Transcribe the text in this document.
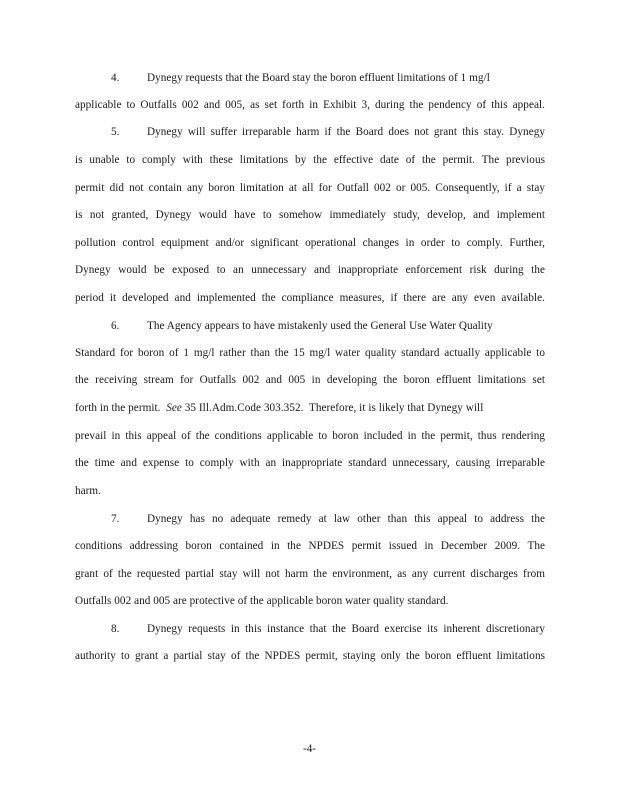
4. Dynegy requests that the Board stay the boron effluent limitations of 1 mg/l
applicable to Outfalls 002 and 005, as set forth in Exhibit 3, during the pendency of this appeal.
5. Dynegy will suffer irreparable harm if the Board does not grant this stay. Dynegy
is unable to comply with these limitations by the effective date of the permit. The previous
permit did not contain any boron limitation at all for Outfall 002 or 005. Consequently, if a stay
is not granted, Dynegy would have to somehow immediately study, develop, and implement
pollution control equipment and/or significant operational changes in order to comply. Further,
Dynegy would be exposed to an unnecessary and inappropriate enforcement risk during the
period it developed and implemented the compliance measures, if there are any even available.
6. The Agency appears to have mistakenly used the General Use Water Quality
Standard for boron of 1 mg/l rather than the 15 mg/l water quality standard actually applicable to
the receiving stream for Outfalls 002 and 005 in developing the boron effluent limitations set
forth in the permit. See 35 Ill.Adm.Code 303.352. Therefore, it is likely that Dynegy will
prevail in this appeal of the conditions applicable to boron included in the permit, thus rendering
the time and expense to comply with an inappropriate standard unnecessary, causing irreparable
harm.
7. Dynegy has no adequate remedy at law other than this appeal to address the
conditions addressing boron contained in the NPDES permit issued in December 2009. The
grant of the requested partial stay will not harm the environment, as any current discharges from
Outfalls 002 and 005 are protective of the applicable boron water quality standard.
8. Dynegy requests in this instance that the Board exercise its inherent discretionary
authority to grant a partial stay of the NPDES permit, staying only the boron effluent limitations
-4-
